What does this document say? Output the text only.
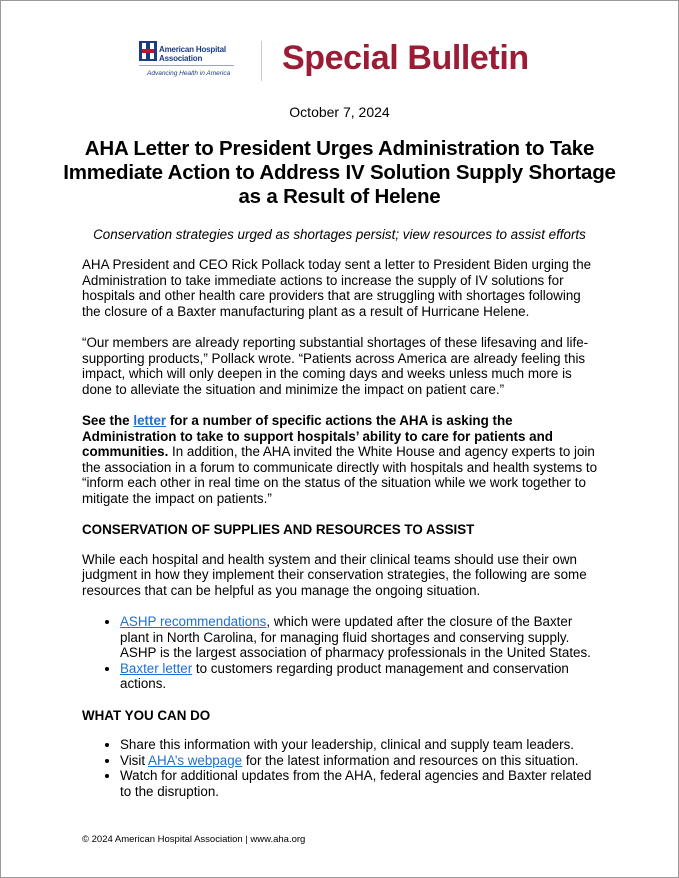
American Hospital
Association
Advancing Health in America Special Bulletin
October 7, 2024
AHA Letter to President Urges Administration to Take Immediate Action to Address IV Solution Supply Shortage as a Result of Helene
Conservation strategies urged as shortages persist; view resources to assist efforts

AHA President and CEO Rick Pollack today sent a letter to President Biden urging the Administration to take immediate actions to increase the supply of IV solutions for hospitals and other health care providers that are struggling with shortages following the closure of a Baxter manufacturing plant as a result of Hurricane Helene.

“Our members are already reporting substantial shortages of these lifesaving and life-supporting products,” Pollack wrote. “Patients across America are already feeling this impact, which will only deepen in the coming days and weeks unless much more is done to alleviate the situation and minimize the impact on patient care.”

See the letter for a number of specific actions the AHA is asking the Administration to take to support hospitals’ ability to care for patients and communities. In addition, the AHA invited the White House and agency experts to join the association in a forum to communicate directly with hospitals and health systems to “inform each other in real time on the status of the situation while we work together to mitigate the impact on patients.”

CONSERVATION OF SUPPLIES AND RESOURCES TO ASSIST

While each hospital and health system and their clinical teams should use their own judgment in how they implement their conservation strategies, the following are some resources that can be helpful as you manage the ongoing situation.

• ASHP recommendations, which were updated after the closure of the Baxter plant in North Carolina, for managing fluid shortages and conserving supply. ASHP is the largest association of pharmacy professionals in the United States.
• Baxter letter to customers regarding product management and conservation actions.
WHAT YOU CAN DO
• Share this information with your leadership, clinical and supply team leaders.
• Visit AHA’s webpage for the latest information and resources on this situation.
• Watch for additional updates from the AHA, federal agencies and Baxter related to the disruption.
© 2024 American Hospital Association | www.aha.org
